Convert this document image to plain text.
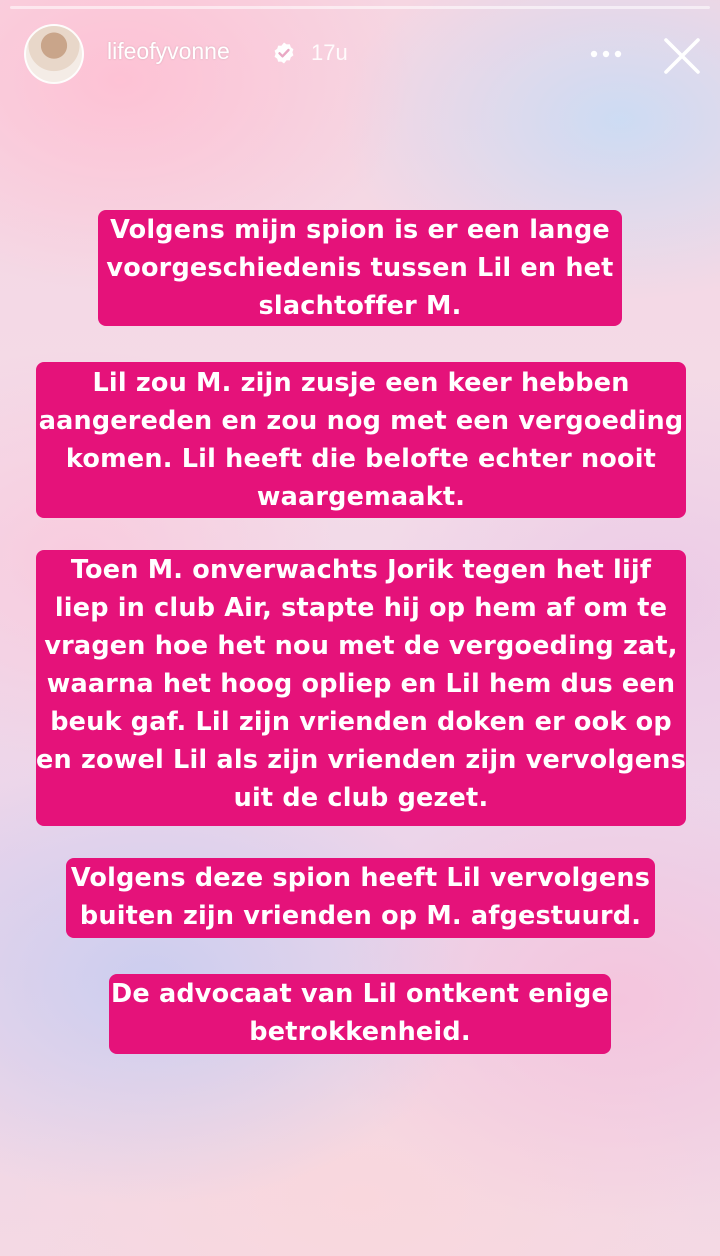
lifeofyvonne	17u
Volgens mijn spion is er een lange
voorgeschiedenis tussen Lil en het
slachtoffer M.
Lil zou M. zijn zusje een keer hebben
aangereden en zou nog met een vergoeding
komen. Lil heeft die belofte echter nooit
waargemaakt.
Toen M. onverwachts Jorik tegen het lijf
liep in club Air, stapte hij op hem af om te
vragen hoe het nou met de vergoeding zat,
waarna het hoog opliep en Lil hem dus een
beuk gaf. Lil zijn vrienden doken er ook op
en zowel Lil als zijn vrienden zijn vervolgens
uit de club gezet.
Volgens deze spion heeft Lil vervolgens
buiten zijn vrienden op M. afgestuurd.
De advocaat van Lil ontkent enige
betrokkenheid.
